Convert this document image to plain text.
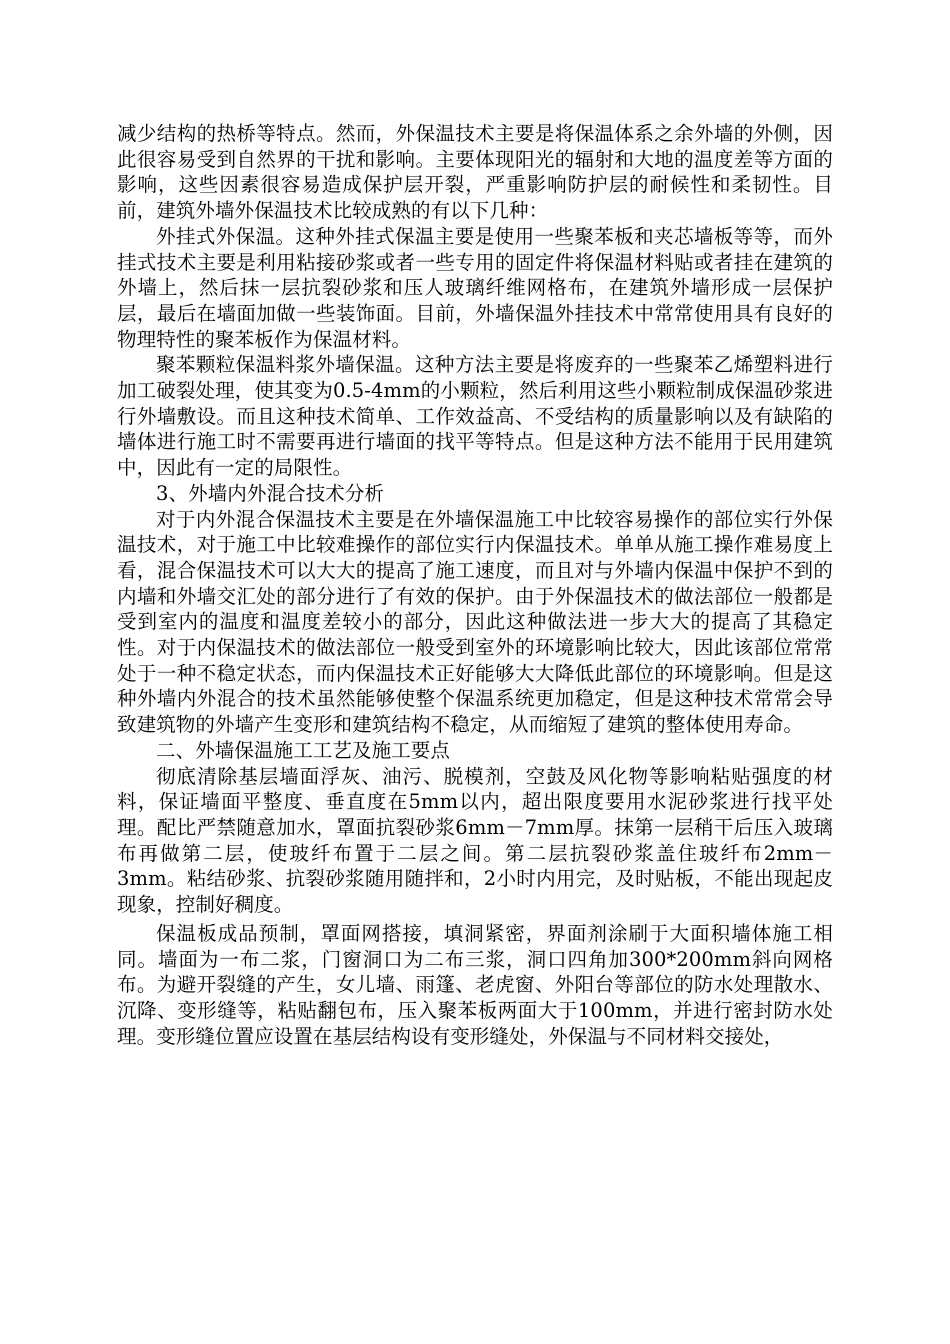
减少结构的热桥等特点。然而，外保温技术主要是将保温体系之余外墙的外侧，因此很容易受到自然界的干扰和影响。主要体现阳光的辐射和大地的温度差等方面的影响，这些因素很容易造成保护层开裂，严重影响防护层的耐候性和柔韧性。目前，建筑外墙外保温技术比较成熟的有以下几种：

外挂式外保温。这种外挂式保温主要是使用一些聚苯板和夹芯墙板等等，而外挂式技术主要是利用粘接砂浆或者一些专用的固定件将保温材料贴或者挂在建筑的外墙上，然后抹一层抗裂砂浆和压人玻璃纤维网格布，在建筑外墙形成一层保护层，最后在墙面加做一些装饰面。目前，外墙保温外挂技术中常常使用具有良好的物理特性的聚苯板作为保温材料。

聚苯颗粒保温料浆外墙保温。这种方法主要是将废弃的一些聚苯乙烯塑料进行加工破裂处理，使其变为0.5-4mm的小颗粒，然后利用这些小颗粒制成保温砂浆进行外墙敷设。而且这种技术简单、工作效益高、不受结构的质量影响以及有缺陷的墙体进行施工时不需要再进行墙面的找平等特点。但是这种方法不能用于民用建筑中，因此有一定的局限性。

3、外墙内外混合技术分析

对于内外混合保温技术主要是在外墙保温施工中比较容易操作的部位实行外保温技术，对于施工中比较难操作的部位实行内保温技术。单单从施工操作难易度上看，混合保温技术可以大大的提高了施工速度，而且对与外墙内保温中保护不到的内墙和外墙交汇处的部分进行了有效的保护。由于外保温技术的做法部位一般都是受到室内的温度和温度差较小的部分，因此这种做法进一步大大的提高了其稳定性。对于内保温技术的做法部位一般受到室外的环境影响比较大，因此该部位常常处于一种不稳定状态，而内保温技术正好能够大大降低此部位的环境影响。但是这种外墙内外混合的技术虽然能够使整个保温系统更加稳定，但是这种技术常常会导致建筑物的外墙产生变形和建筑结构不稳定，从而缩短了建筑的整体使用寿命。

二、外墙保温施工工艺及施工要点

彻底清除基层墙面浮灰、油污、脱模剂，空鼓及风化物等影响粘贴强度的材料，保证墙面平整度、垂直度在5mm以内，超出限度要用水泥砂浆进行找平处理。配比严禁随意加水，罩面抗裂砂浆6mm－7mm厚。抹第一层稍干后压入玻璃布再做第二层，使玻纤布置于二层之间。第二层抗裂砂浆盖住玻纤布2mm－3mm。粘结砂浆、抗裂砂浆随用随拌和，2小时内用完，及时贴板，不能出现起皮现象，控制好稠度。

保温板成品预制，罩面网搭接，填洞紧密，界面剂涂刷于大面积墙体施工相同。墙面为一布二浆，门窗洞口为二布三浆，洞口四角加300*200mm斜向网格布。为避开裂缝的产生，女儿墙、雨篷、老虎窗、外阳台等部位的防水处理散水、沉降、变形缝等，粘贴翻包布，压入聚苯板两面大于100mm，并进行密封防水处理。变形缝位置应设置在基层结构设有变形缝处，外保温与不同材料交接处，
